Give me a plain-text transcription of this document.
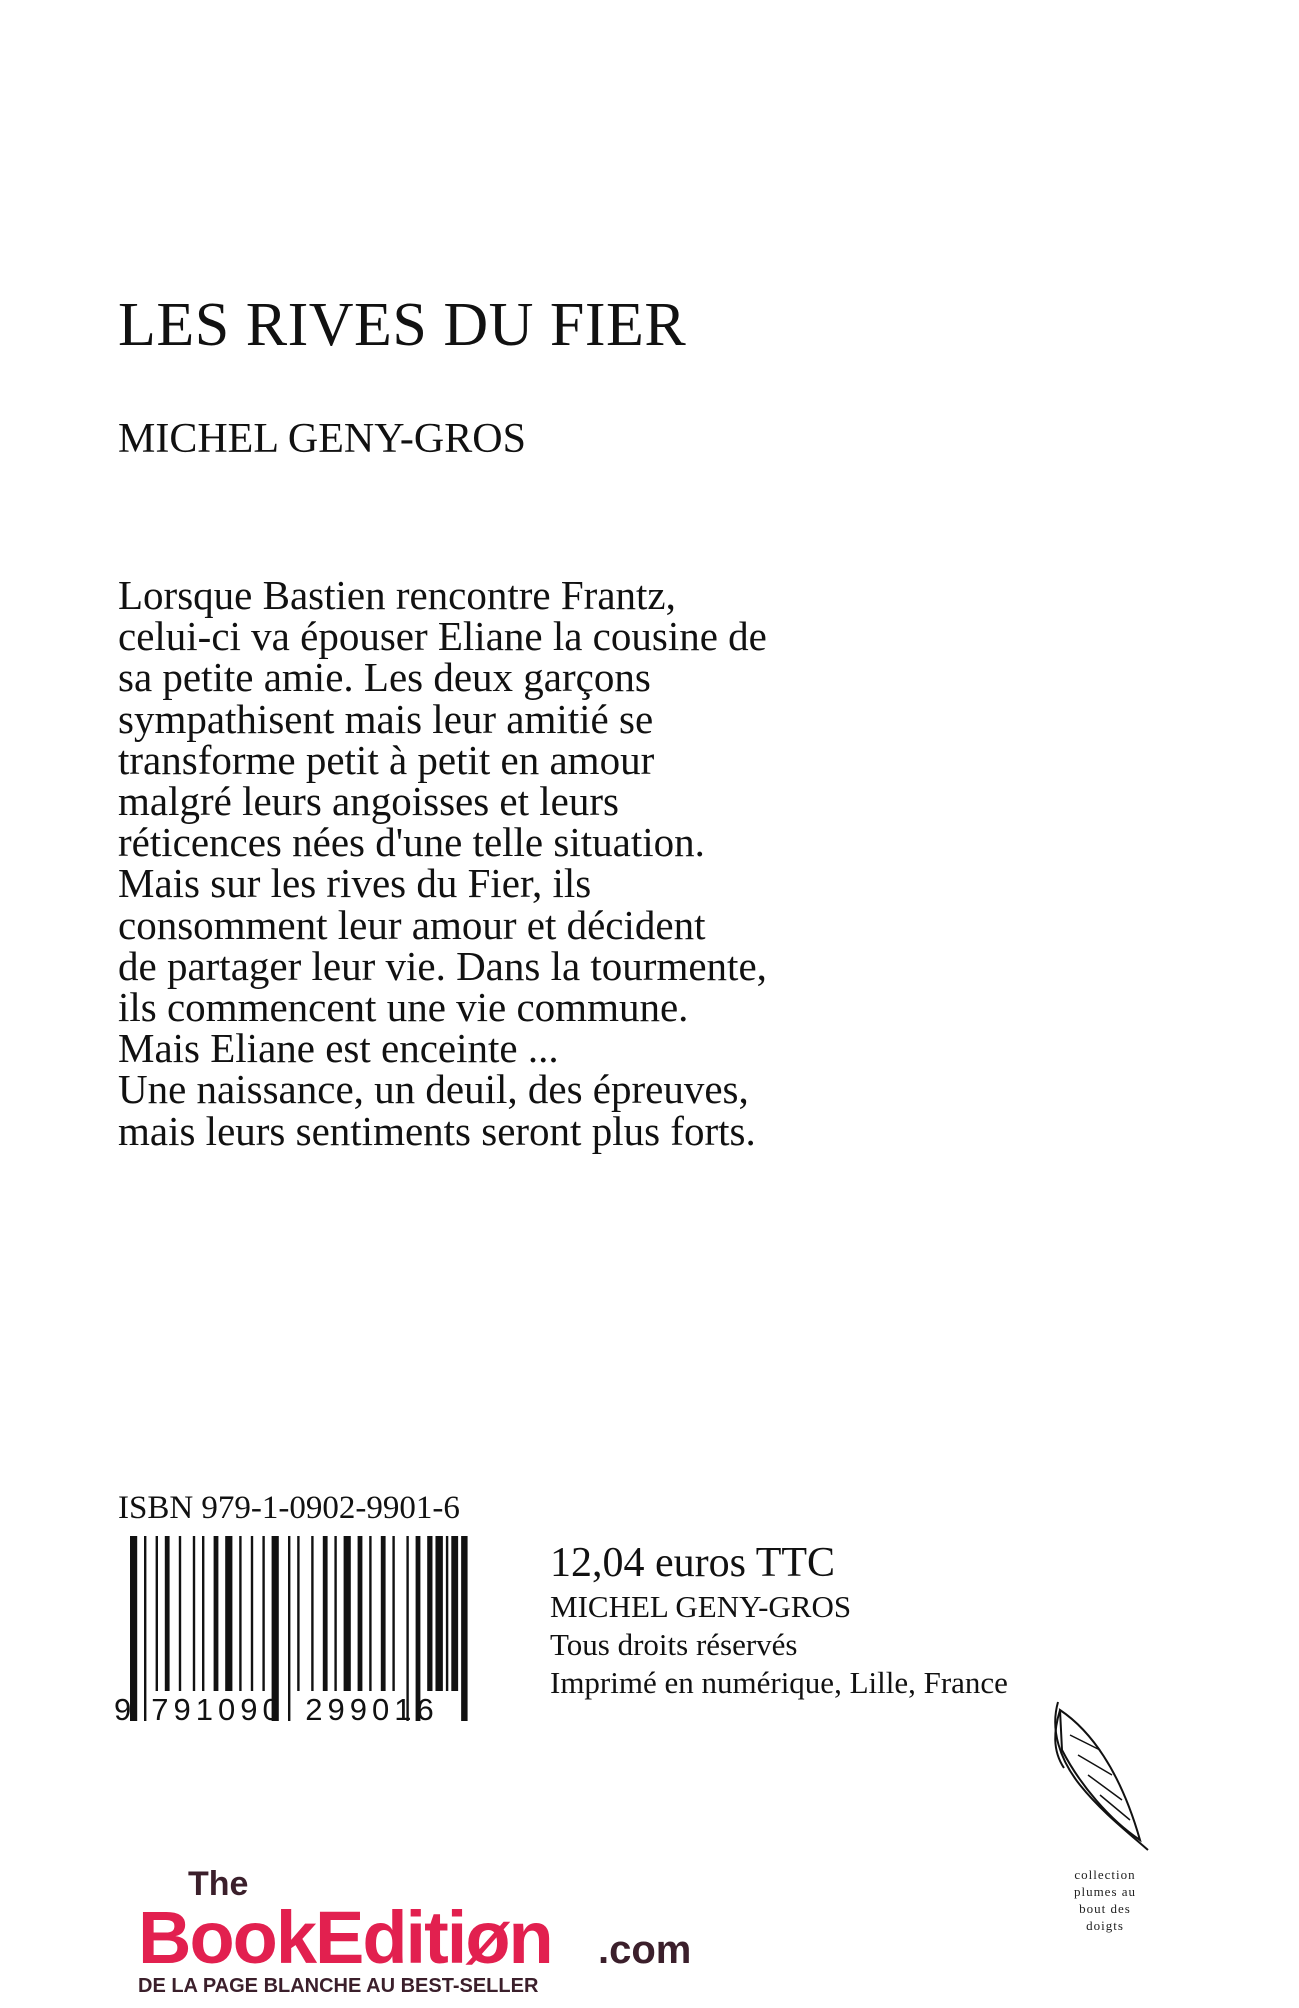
LES RIVES DU FIER
MICHEL GENY-GROS
Lorsque Bastien rencontre Frantz,
celui-ci va épouser Eliane la cousine de
sa petite amie. Les deux garçons
sympathisent mais leur amitié se
transforme petit à petit en amour
malgré leurs angoisses et leurs
réticences nées d'une telle situation.
Mais sur les rives du Fier, ils
consomment leur amour et décident
de partager leur vie. Dans la tourmente,
ils commencent une vie commune.
Mais Eliane est enceinte ...
Une naissance, un deuil, des épreuves,
mais leurs sentiments seront plus forts.
ISBN 979-1-0902-9901-6
9 791090 299016
12,04 euros TTC
MICHEL GENY-GROS
Tous droits réservés
Imprimé en numérique, Lille, France
The
BookEditiøn .com
DE LA PAGE BLANCHE AU BEST-SELLER
collection
plumes au
bout des
doigts
